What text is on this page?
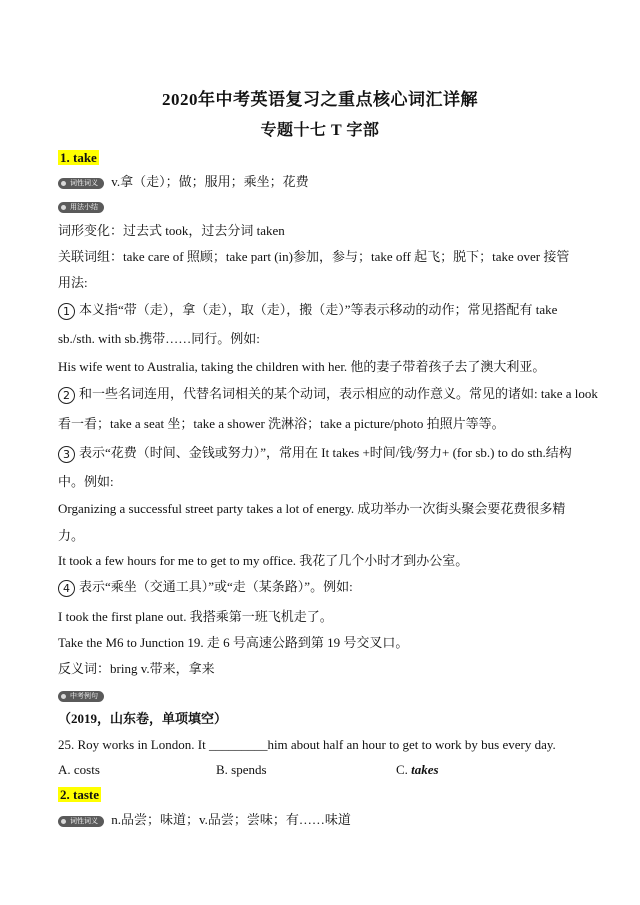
2020年中考英语复习之重点核心词汇详解
专题十七 T 字部
1. take
词性词义 v.拿（走）；做；服用；乘坐；花费
用法小结
词形变化：过去式 took，过去分词 taken
关联词组：take care of 照顾；take part (in)参加，参与；take off 起飞；脱下；take over 接管
用法:
1 本义指“带（走），拿（走），取（走），搬（走）”等表示移动的动作；常见搭配有 take
sb./sth. with sb.携带……同行。例如:
His wife went to Australia, taking the children with her. 他的妻子带着孩子去了澳大利亚。
2 和一些名词连用，代替名词相关的某个动词，表示相应的动作意义。常见的诸如: take a look
看一看；take a seat 坐；take a shower 洗淋浴；take a picture/photo 拍照片等等。
3 表示“花费（时间、金钱或努力）”，常用在 It takes +时间/钱/努力+ (for sb.) to do sth.结构
中。例如:
Organizing a successful street party takes a lot of energy. 成功举办一次街头聚会要花费很多精
力。
It took a few hours for me to get to my office. 我花了几个小时才到办公室。
4 表示“乘坐（交通工具）”或“走（某条路）”。例如:
I took the first plane out. 我搭乘第一班飞机走了。
Take the M6 to Junction 19. 走 6 号高速公路到第 19 号交叉口。
反义词：bring v.带来，拿来
中考例句
（2019，山东卷，单项填空）
25. Roy works in London. It _________him about half an hour to get to work by bus every day.
A. costs	B. spends	C. takes
2. taste
词性词义 n.品尝；味道；v.品尝；尝味；有……味道
